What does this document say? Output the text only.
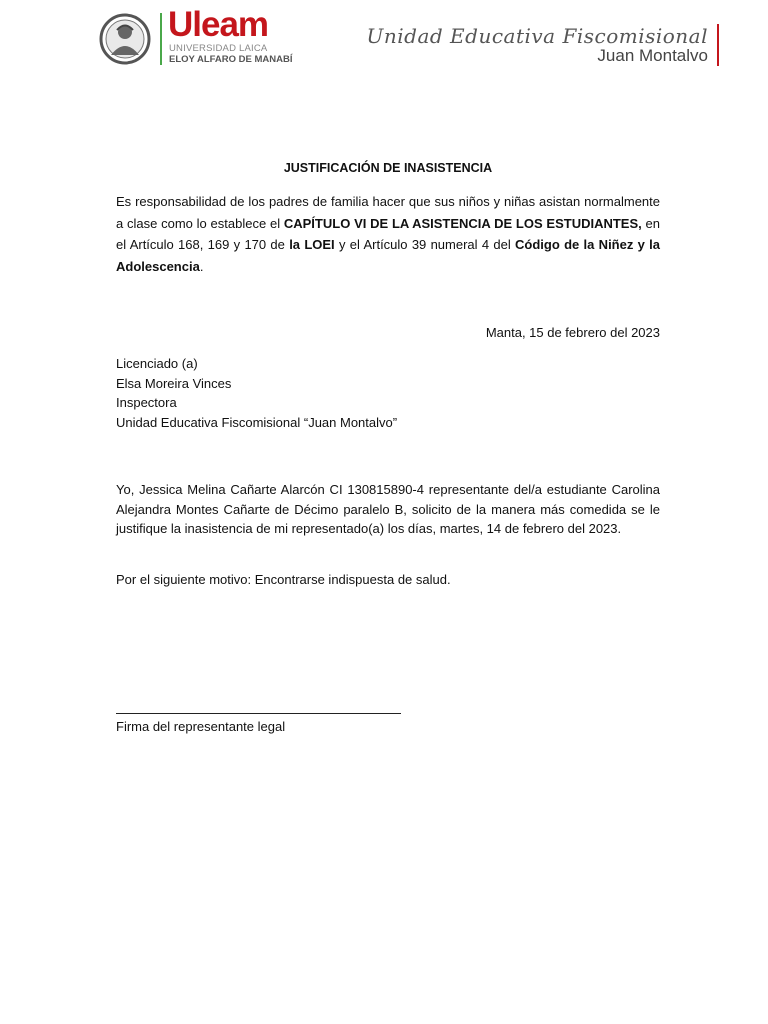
Uleam
UNIVERSIDAD LAICA
ELOY ALFARO DE MANABÍ
Unidad Educativa Fiscomisional
Juan Montalvo
JUSTIFICACIÓN DE INASISTENCIA
Es responsabilidad de los padres de familia hacer que sus niños y niñas asistan normalmente a clase como lo establece el CAPÍTULO VI DE LA ASISTENCIA DE LOS ESTUDIANTES, en el Artículo 168, 169 y 170 de la LOEI y el Artículo 39 numeral 4 del Código de la Niñez y la Adolescencia.
Manta, 15 de febrero del 2023
Licenciado (a)
Elsa Moreira Vinces
Inspectora
Unidad Educativa Fiscomisional “Juan Montalvo”
Yo, Jessica Melina Cañarte Alarcón CI 130815890-4 representante del/a estudiante Carolina Alejandra Montes Cañarte de Décimo paralelo B, solicito de la manera más comedida se le justifique la inasistencia de mi representado(a) los días, martes, 14 de febrero del 2023.
Por el siguiente motivo: Encontrarse indispuesta de salud.
Firma del representante legal
